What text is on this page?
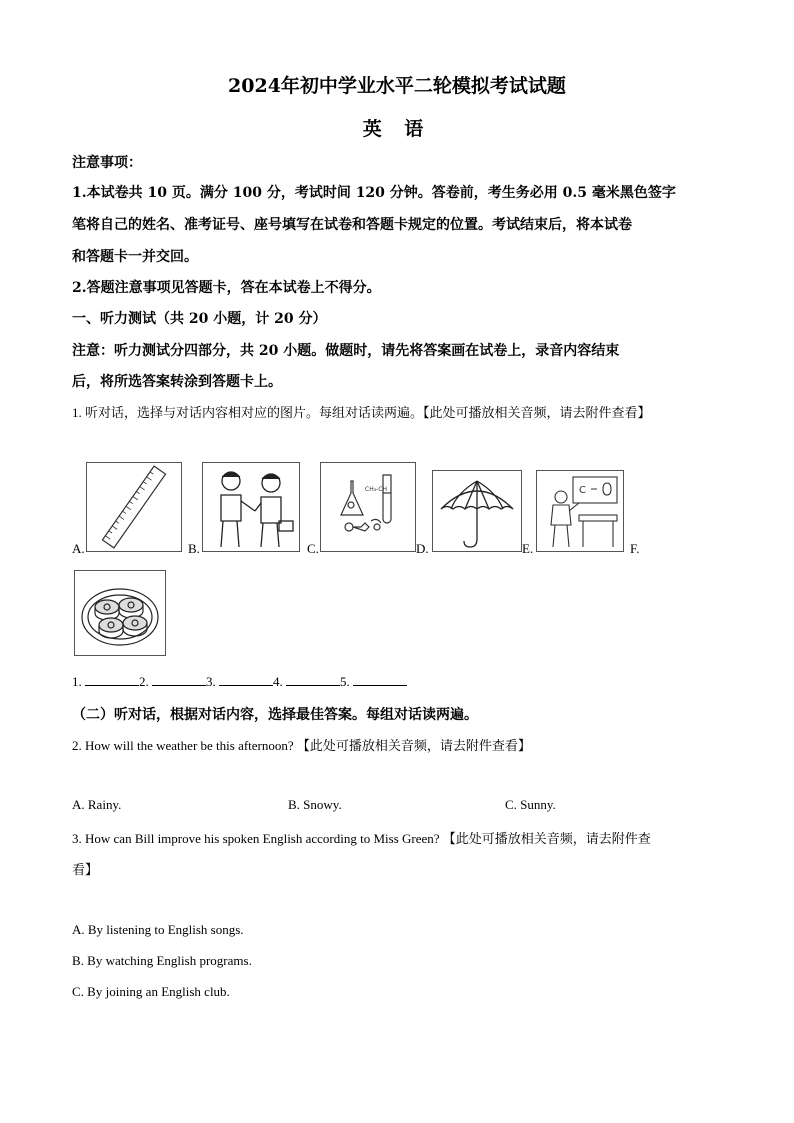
2024年初中学业水平二轮模拟考试试题
英 语
注意事项：
1.本试卷共 10 页。满分 100 分，考试时间 120 分钟。答卷前，考生务必用 0.5 毫米黑色签字
笔将自己的姓名、准考证号、座号填写在试卷和答题卡规定的位置。考试结束后，将本试卷
和答题卡一并交回。
2.答题注意事项见答题卡，答在本试卷上不得分。
一、听力测试（共 20 小题，计 20 分）
注意：听力测试分四部分，共 20 小题。做题时，请先将答案画在试卷上，录音内容结束
后，将所选答案转涂到答题卡上。
1. 听对话，选择与对话内容相对应的图片。每组对话读两遍。【此处可播放相关音频，请去附件查看】
A.	B.
CH₃-CH
C.	D.
C
E.	F.
1.	2.	3.	4.	5.
（二）听对话，根据对话内容，选择最佳答案。每组对话读两遍。
2. How will the weather be this afternoon? 【此处可播放相关音频，请去附件查看】
A. Rainy.	B. Snowy.	C. Sunny.
3. How can Bill improve his spoken English according to Miss Green? 【此处可播放相关音频，请去附件查
看】
A. By listening to English songs.
B. By watching English programs.
C. By joining an English club.
